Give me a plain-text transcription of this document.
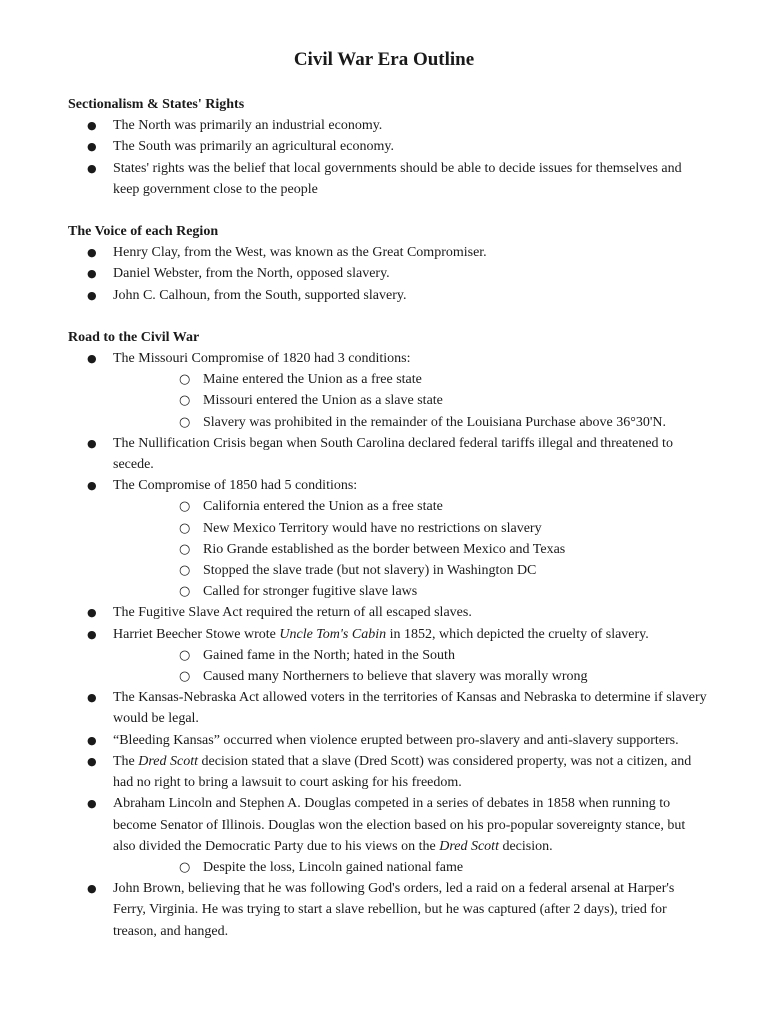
Civil War Era Outline
Sectionalism & States' Rights
● The North was primarily an industrial economy.
● The South was primarily an agricultural economy.
● States' rights was the belief that local governments should be able to decide issues for themselves and keep government close to the people
The Voice of each Region
● Henry Clay, from the West, was known as the Great Compromiser.
● Daniel Webster, from the North, opposed slavery.
● John C. Calhoun, from the South, supported slavery.
Road to the Civil War
● The Missouri Compromise of 1820 had 3 conditions:
○ Maine entered the Union as a free state
○ Missouri entered the Union as a slave state
○ Slavery was prohibited in the remainder of the Louisiana Purchase above 36°30'N.
● The Nullification Crisis began when South Carolina declared federal tariffs illegal and threatened to secede.
● The Compromise of 1850 had 5 conditions:
○ California entered the Union as a free state
○ New Mexico Territory would have no restrictions on slavery
○ Rio Grande established as the border between Mexico and Texas
○ Stopped the slave trade (but not slavery) in Washington DC
○ Called for stronger fugitive slave laws
● The Fugitive Slave Act required the return of all escaped slaves.
● Harriet Beecher Stowe wrote Uncle Tom's Cabin in 1852, which depicted the cruelty of slavery.
○ Gained fame in the North; hated in the South
○ Caused many Northerners to believe that slavery was morally wrong
● The Kansas-Nebraska Act allowed voters in the territories of Kansas and Nebraska to determine if slavery would be legal.
● “Bleeding Kansas” occurred when violence erupted between pro-slavery and anti-slavery supporters.
● The Dred Scott decision stated that a slave (Dred Scott) was considered property, was not a citizen, and had no right to bring a lawsuit to court asking for his freedom.
● Abraham Lincoln and Stephen A. Douglas competed in a series of debates in 1858 when running to become Senator of Illinois. Douglas won the election based on his pro-popular sovereignty stance, but also divided the Democratic Party due to his views on the Dred Scott decision.
○ Despite the loss, Lincoln gained national fame
● John Brown, believing that he was following God's orders, led a raid on a federal arsenal at Harper's Ferry, Virginia. He was trying to start a slave rebellion, but he was captured (after 2 days), tried for treason, and hanged.
